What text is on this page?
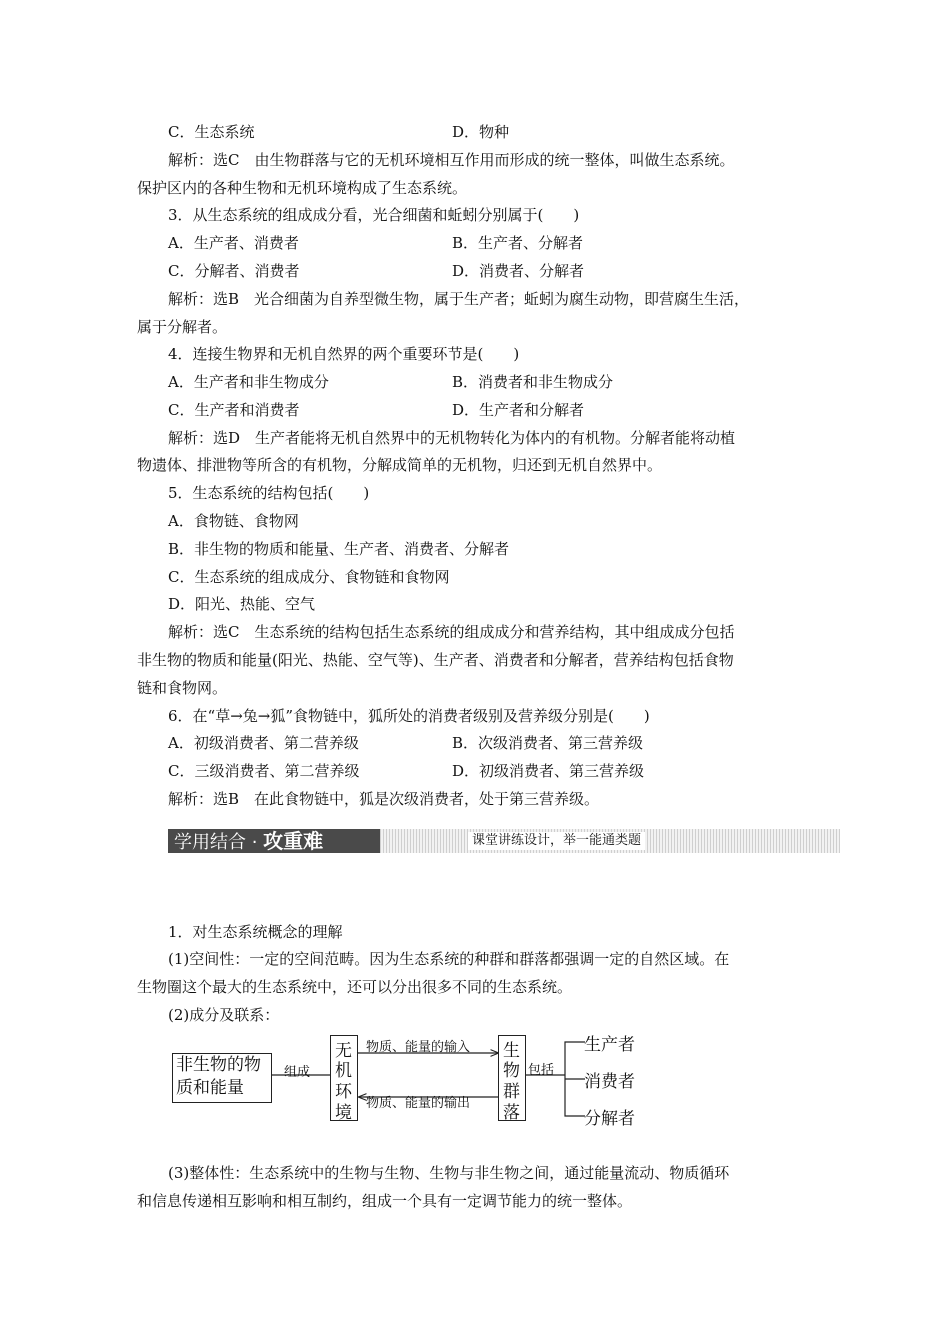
C．生态系统	D．物种
解析：选C　由生物群落与它的无机环境相互作用而形成的统一整体，叫做生态系统。
保护区内的各种生物和无机环境构成了生态系统。
3．从生态系统的组成成分看，光合细菌和蚯蚓分别属于(　　)
A．生产者、消费者	B．生产者、分解者
C．分解者、消费者	D．消费者、分解者
解析：选B　光合细菌为自养型微生物，属于生产者；蚯蚓为腐生动物，即营腐生生活，
属于分解者。
4．连接生物界和无机自然界的两个重要环节是(　　)
A．生产者和非生物成分	B．消费者和非生物成分
C．生产者和消费者	D．生产者和分解者
解析：选D　生产者能将无机自然界中的无机物转化为体内的有机物。分解者能将动植
物遗体、排泄物等所含的有机物，分解成简单的无机物，归还到无机自然界中。
5．生态系统的结构包括(　　)
A．食物链、食物网
B．非生物的物质和能量、生产者、消费者、分解者
C．生态系统的组成成分、食物链和食物网
D．阳光、热能、空气
解析：选C　生态系统的结构包括生态系统的组成成分和营养结构，其中组成成分包括
非生物的物质和能量(阳光、热能、空气等)、生产者、消费者和分解者，营养结构包括食物
链和食物网。
6．在“草→兔→狐”食物链中，狐所处的消费者级别及营养级分别是(　　)
A．初级消费者、第二营养级	B．次级消费者、第三营养级
C．三级消费者、第二营养级	D．初级消费者、第三营养级
解析：选B　在此食物链中，狐是次级消费者，处于第三营养级。
学用结合 · 攻重难	课堂讲练设计，举一能通类题
1．对生态系统概念的理解
(1)空间性：一定的空间范畴。因为生态系统的种群和群落都强调一定的自然区域。在
生物圈这个最大的生态系统中，还可以分出很多不同的生态系统。
(2)成分及联系：
非生物的物
质和能量
组成
无
机
环
境
物质、能量的输入
物质、能量的输出
生
物
群
落
包括
生产者
消费者
分解者
(3)整体性：生态系统中的生物与生物、生物与非生物之间，通过能量流动、物质循环
和信息传递相互影响和相互制约，组成一个具有一定调节能力的统一整体。
